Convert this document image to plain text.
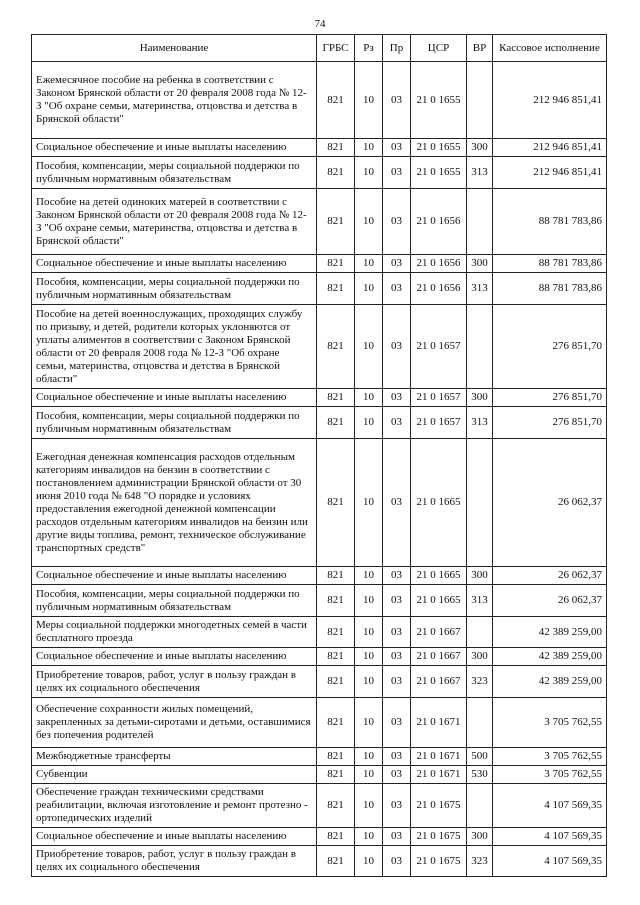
74
Наименование	ГРБС	Рз	Пр	ЦСР	ВР	Кассовое исполнение
Ежемесячное пособие на ребенка в соответствии с Законом Брянской области от 20 февраля 2008 года № 12-З "Об охране семьи, материнства, отцовства и детства в Брянской области"	821	10	03	21 0 1655		212 946 851,41
Социальное обеспечение и иные выплаты населению	821	10	03	21 0 1655	300	212 946 851,41
Пособия, компенсации, меры социальной поддержки по публичным нормативным обязательствам	821	10	03	21 0 1655	313	212 946 851,41
Пособие на детей одиноких матерей в соответствии с Законом Брянской области от 20 февраля 2008 года № 12-З "Об охране семьи, материнства, отцовства и детства в Брянской области"	821	10	03	21 0 1656		88 781 783,86
Социальное обеспечение и иные выплаты населению	821	10	03	21 0 1656	300	88 781 783,86
Пособия, компенсации, меры социальной поддержки по публичным нормативным обязательствам	821	10	03	21 0 1656	313	88 781 783,86
Пособие на детей военнослужащих, проходящих службу по призыву, и детей, родители которых уклоняются от уплаты алиментов в соответствии с Законом Брянской области от 20 февраля 2008 года № 12-З "Об охране семьи, материнства, отцовства и детства в Брянской области"	821	10	03	21 0 1657		276 851,70
Социальное обеспечение и иные выплаты населению	821	10	03	21 0 1657	300	276 851,70
Пособия, компенсации, меры социальной поддержки по публичным нормативным обязательствам	821	10	03	21 0 1657	313	276 851,70
Ежегодная денежная компенсация расходов отдельным категориям инвалидов на бензин в соответствии с постановлением администрации Брянской области от 30 июня 2010 года № 648 "О порядке и условиях предоставления ежегодной денежной компенсации расходов отдельным категориям инвалидов на бензин или другие виды топлива, ремонт, техническое обслуживание транспортных средств"	821	10	03	21 0 1665		26 062,37
Социальное обеспечение и иные выплаты населению	821	10	03	21 0 1665	300	26 062,37
Пособия, компенсации, меры социальной поддержки по публичным нормативным обязательствам	821	10	03	21 0 1665	313	26 062,37
Меры социальной поддержки многодетных семей в части бесплатного проезда	821	10	03	21 0 1667		42 389 259,00
Социальное обеспечение и иные выплаты населению	821	10	03	21 0 1667	300	42 389 259,00
Приобретение товаров, работ, услуг в пользу граждан в целях их социального обеспечения	821	10	03	21 0 1667	323	42 389 259,00
Обеспечение сохранности жилых помещений, закрепленных за детьми-сиротами и детьми, оставшимися без попечения родителей	821	10	03	21 0 1671		3 705 762,55
Межбюджетные трансферты	821	10	03	21 0 1671	500	3 705 762,55
Субвенции	821	10	03	21 0 1671	530	3 705 762,55
Обеспечение граждан техническими средствами реабилитации, включая изготовление и ремонт протезно - ортопедических изделий	821	10	03	21 0 1675		4 107 569,35
Социальное обеспечение и иные выплаты населению	821	10	03	21 0 1675	300	4 107 569,35
Приобретение товаров, работ, услуг в пользу граждан в целях их социального обеспечения	821	10	03	21 0 1675	323	4 107 569,35
